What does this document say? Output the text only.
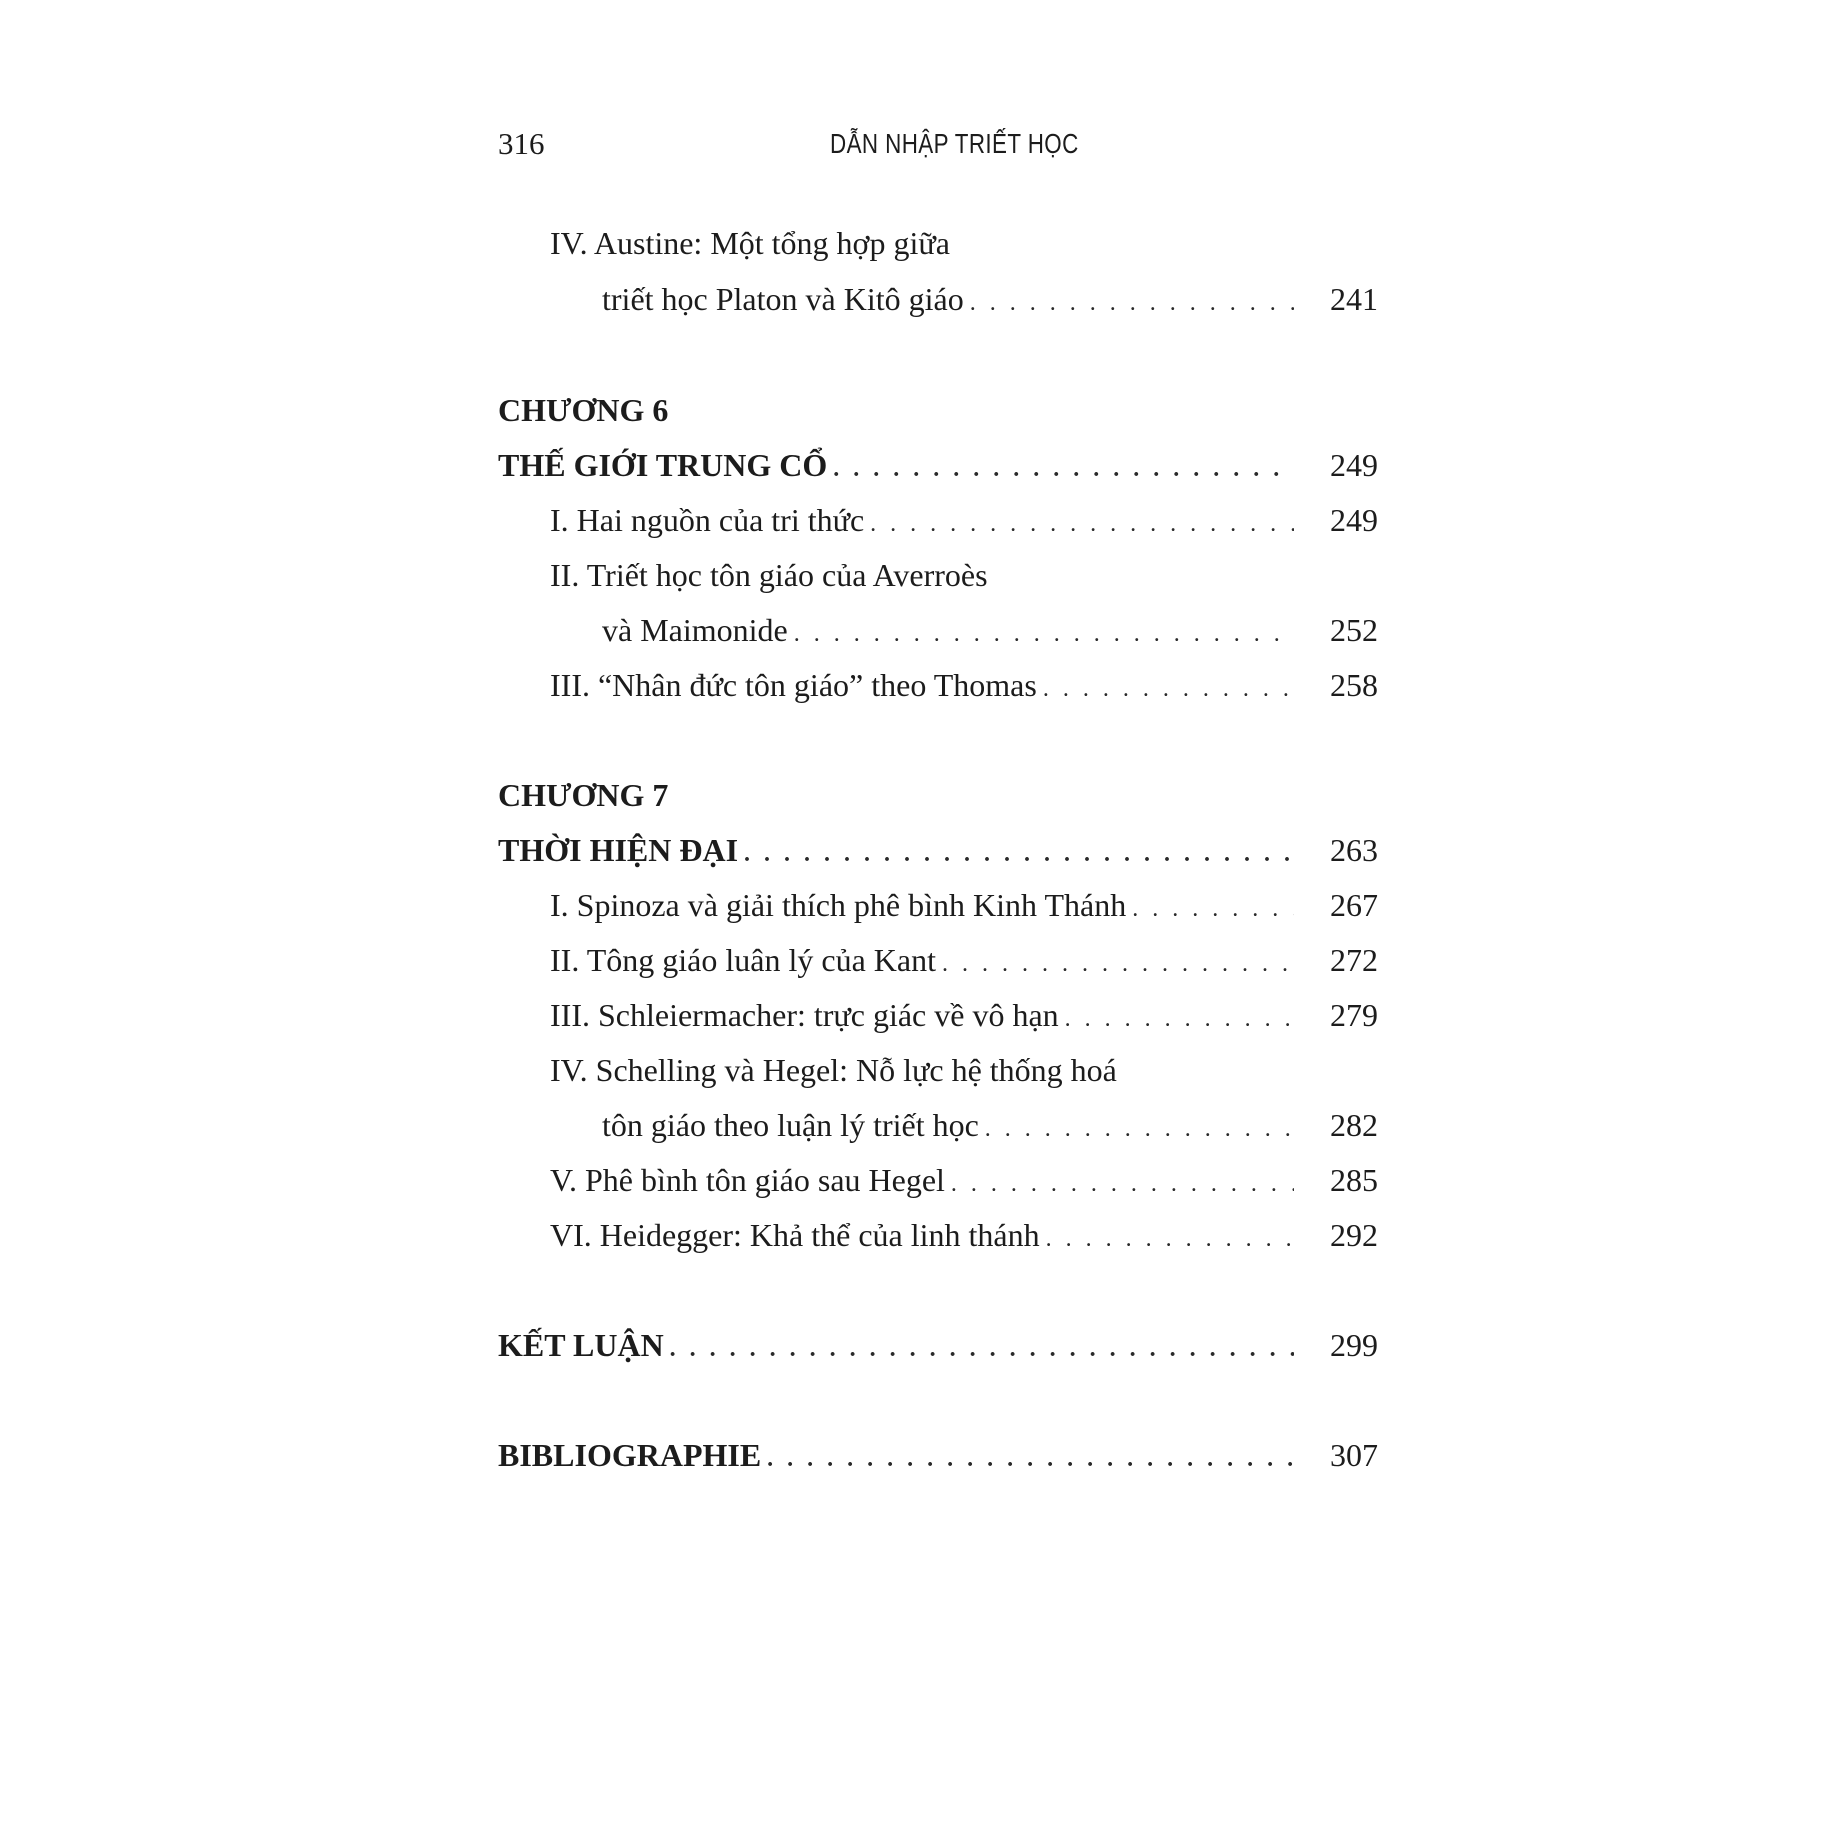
316	DẪN NHẬP TRIẾT HỌC
IV. Austine: Một tổng hợp giữa
triết học Platon và Kitô giáo . . .	241
CHƯƠNG 6
THẾ GIỚI TRUNG CỔ . . .	249
I. Hai nguồn của tri thức . . .	249
II. Triết học tôn giáo của Averroès
và Maimonide . . .	252
III. “Nhân đức tôn giáo” theo Thomas . . .	258
CHƯƠNG 7
THỜI HIỆN ĐẠI . . .	263
I. Spinoza và giải thích phê bình Kinh Thánh . . .	267
II. Tông giáo luân lý của Kant . . .	272
III. Schleiermacher: trực giác về vô hạn . . .	279
IV. Schelling và Hegel: Nỗ lực hệ thống hoá
tôn giáo theo luận lý triết học . . .	282
V. Phê bình tôn giáo sau Hegel . . .	285
VI. Heidegger: Khả thể của linh thánh . . .	292
KẾT LUẬN . . .	299
BIBLIOGRAPHIE . . .	307
